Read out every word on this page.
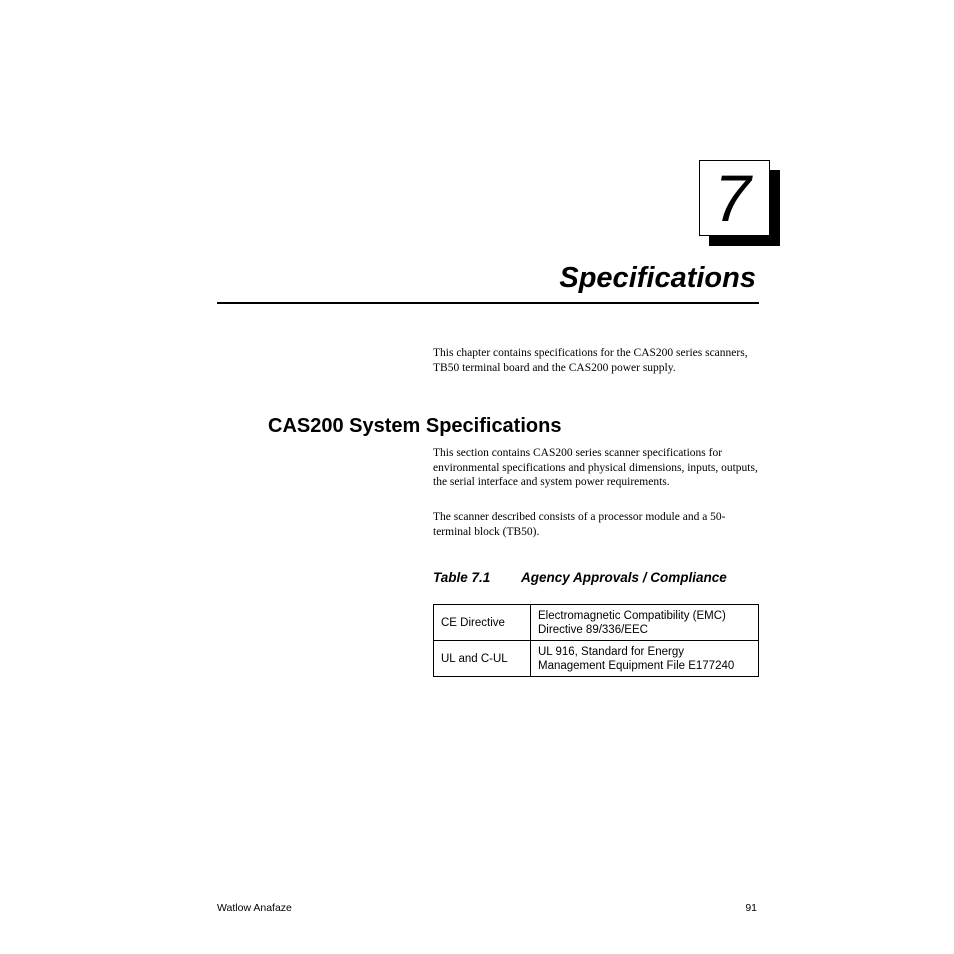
7
Specifications

This chapter contains specifications for the CAS200 series scanners, TB50 terminal board and the CAS200 power supply.

CAS200 System Specifications

This section contains CAS200 series scanner specifications for environmental specifications and physical dimensions, inputs, outputs, the serial interface and system power requirements.

The scanner described consists of a processor module and a 50-terminal block (TB50).

Table 7.1 Agency Approvals / Compliance
CE Directive	Electromagnetic Compatibility (EMC) Directive 89/336/EEC
UL and C-UL	UL 916, Standard for Energy Management Equipment File E177240
Watlow Anafaze	91
